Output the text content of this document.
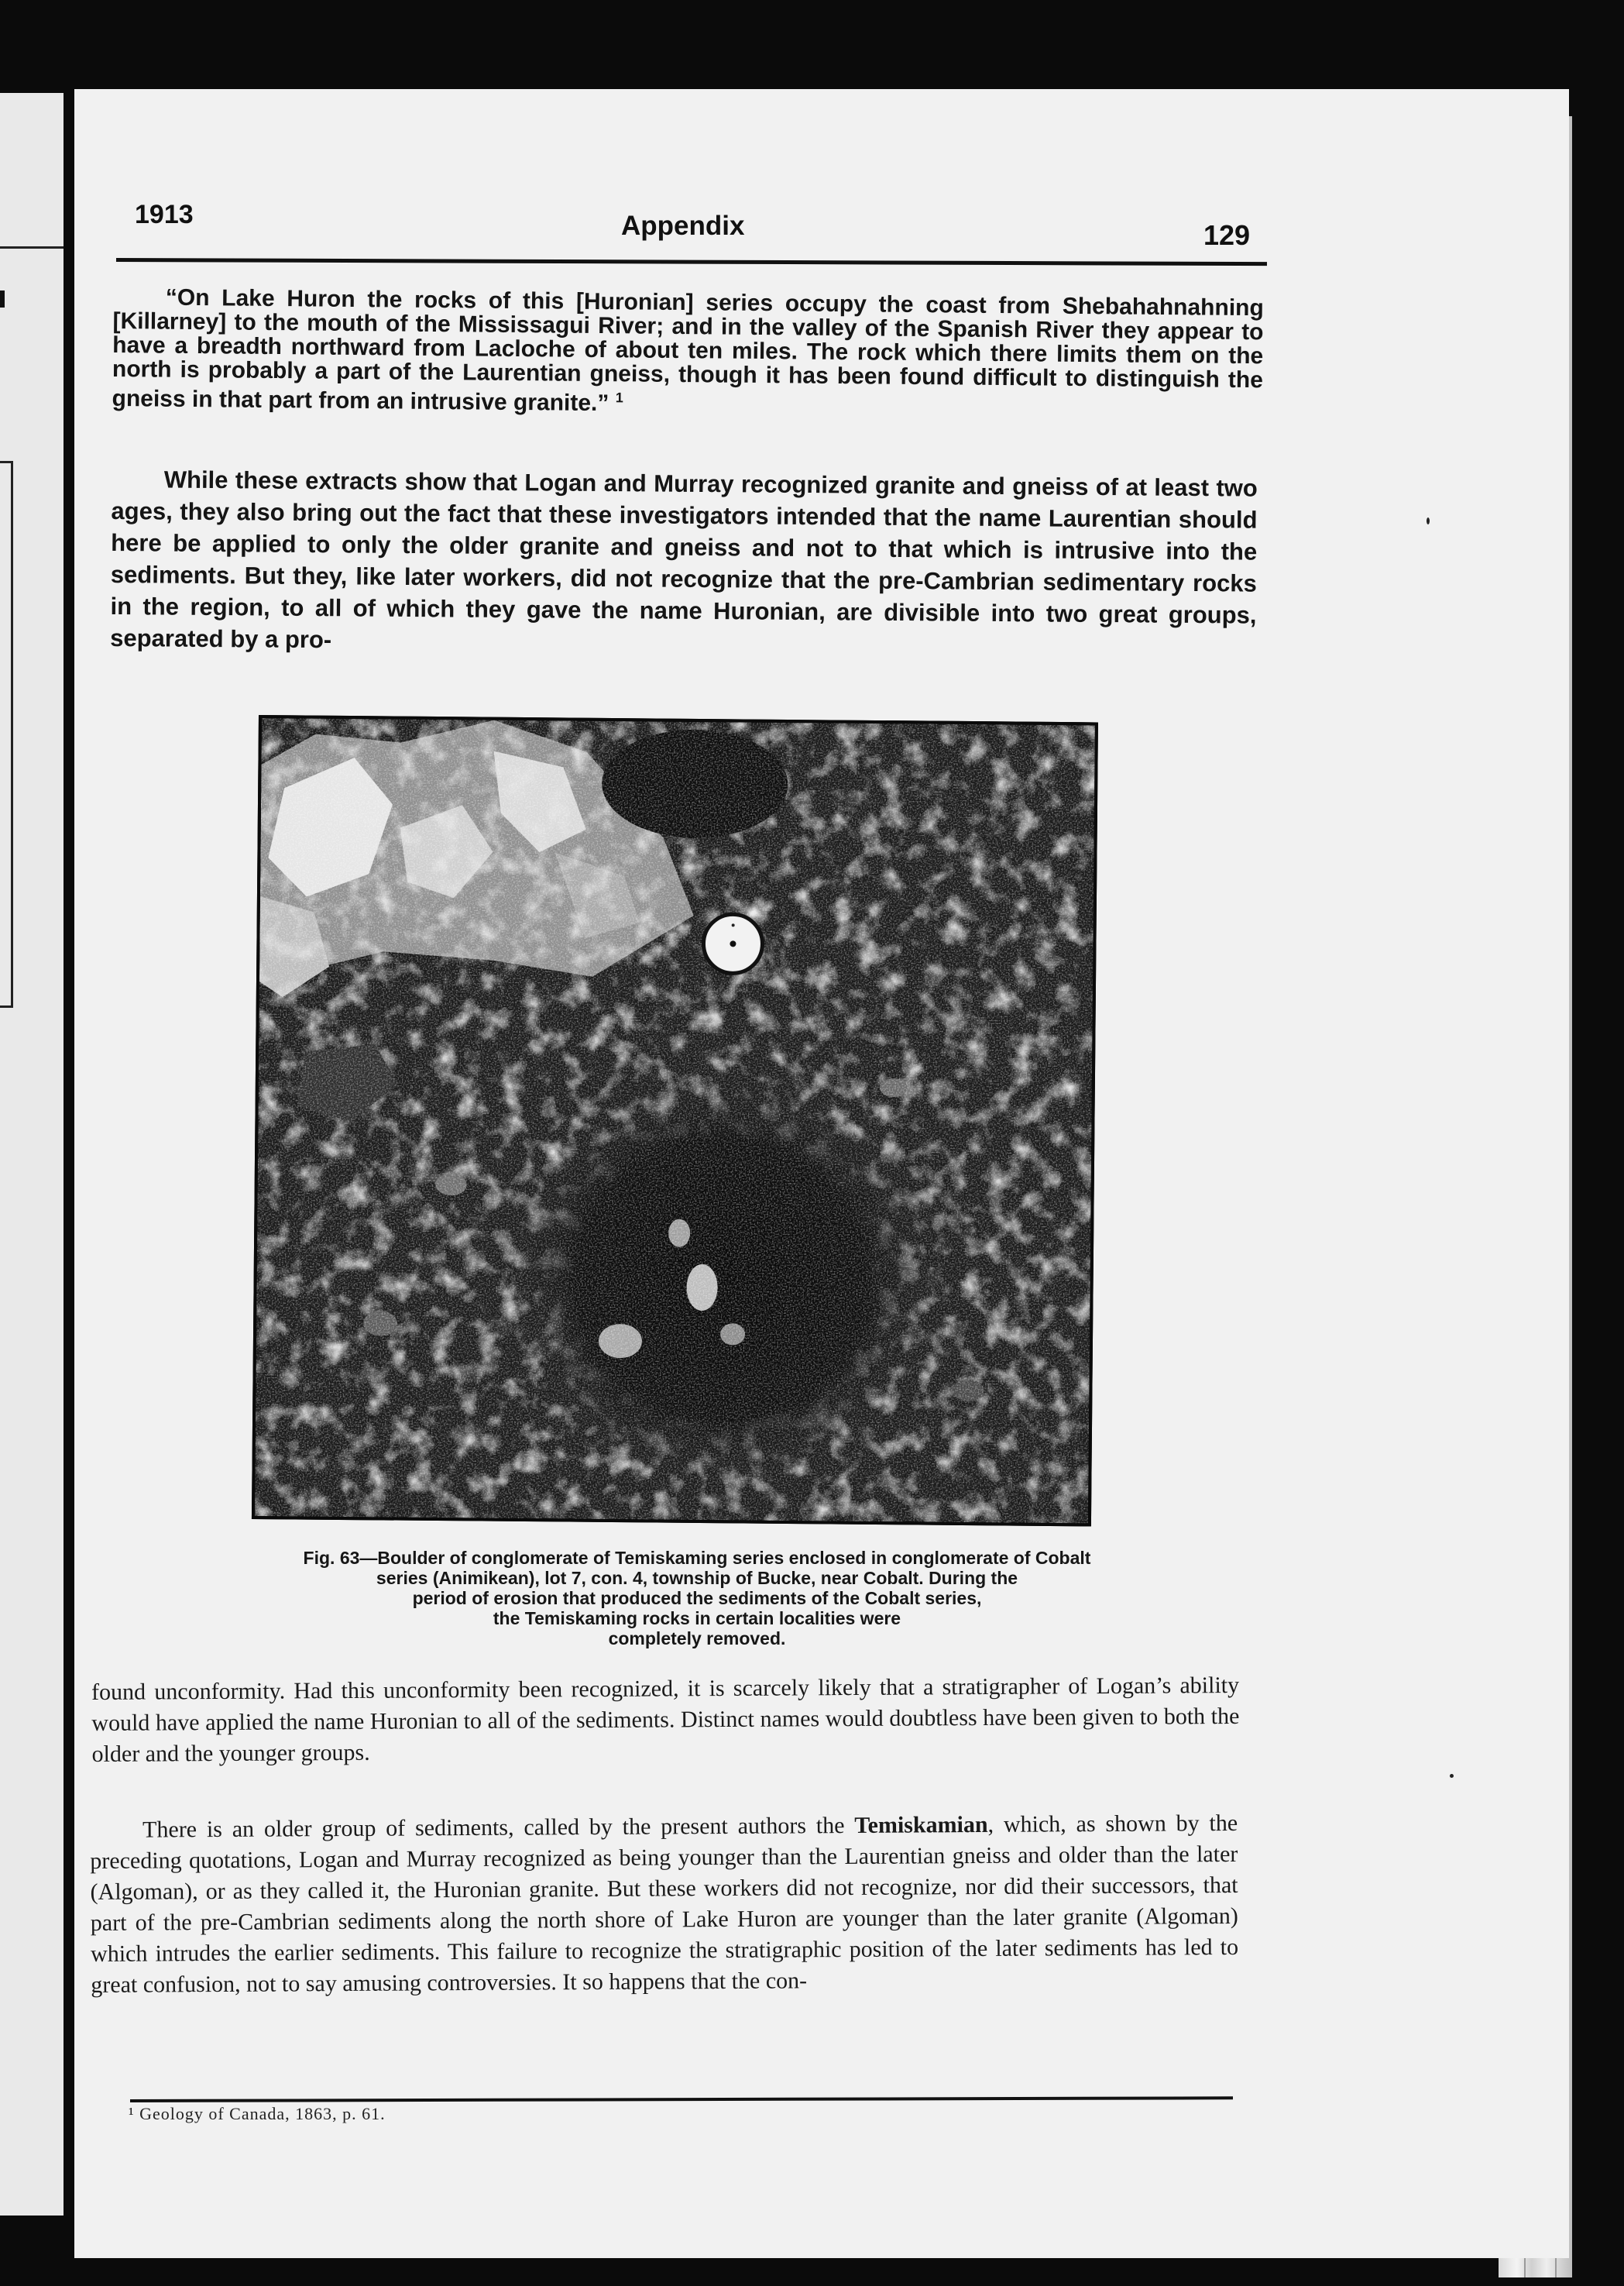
1913	Appendix	129
“On Lake Huron the rocks of this [Huronian] series occupy the coast from Shebahahnahning [Killarney] to the mouth of the Mississagui River; and in the valley of the Spanish River they appear to have a breadth northward from Lacloche of about ten miles. The rock which there limits them on the north is probably a part of the Laurentian gneiss, though it has been found difficult to distinguish the gneiss in that part from an intrusive granite.” $^1$
While these extracts show that Logan and Murray recognized granite and gneiss of at least two ages, they also bring out the fact that these investigators intended that the name Laurentian should here be applied to only the older granite and gneiss and not to that which is intrusive into the sediments. But they, like later workers, did not recognize that the pre-Cambrian sedimentary rocks in the region, to all of which they gave the name Huronian, are divisible into two great groups, separated by a pro-
Fig. 63—Boulder of conglomerate of Temiskaming series enclosed in conglomerate of Cobalt
series (Animikean), lot 7, con. 4, township of Bucke, near Cobalt. During the
period of erosion that produced the sediments of the Cobalt series,
the Temiskaming rocks in certain localities were
completely removed.
found unconformity. Had this unconformity been recognized, it is scarcely likely that a stratigrapher of Logan’s ability would have applied the name Huronian to all of the sediments. Distinct names would doubtless have been given to both the older and the younger groups.
There is an older group of sediments, called by the present authors the Temiskamian, which, as shown by the preceding quotations, Logan and Murray recognized as being younger than the Laurentian gneiss and older than the later (Algoman), or as they called it, the Huronian granite. But these workers did not recognize, nor did their successors, that part of the pre-Cambrian sediments along the north shore of Lake Huron are younger than the later granite (Algoman) which intrudes the earlier sediments. This failure to recognize the stratigraphic position of the later sediments has led to great confusion, not to say amusing controversies. It so happens that the con-
¹ Geology of Canada, 1863, p. 61.
